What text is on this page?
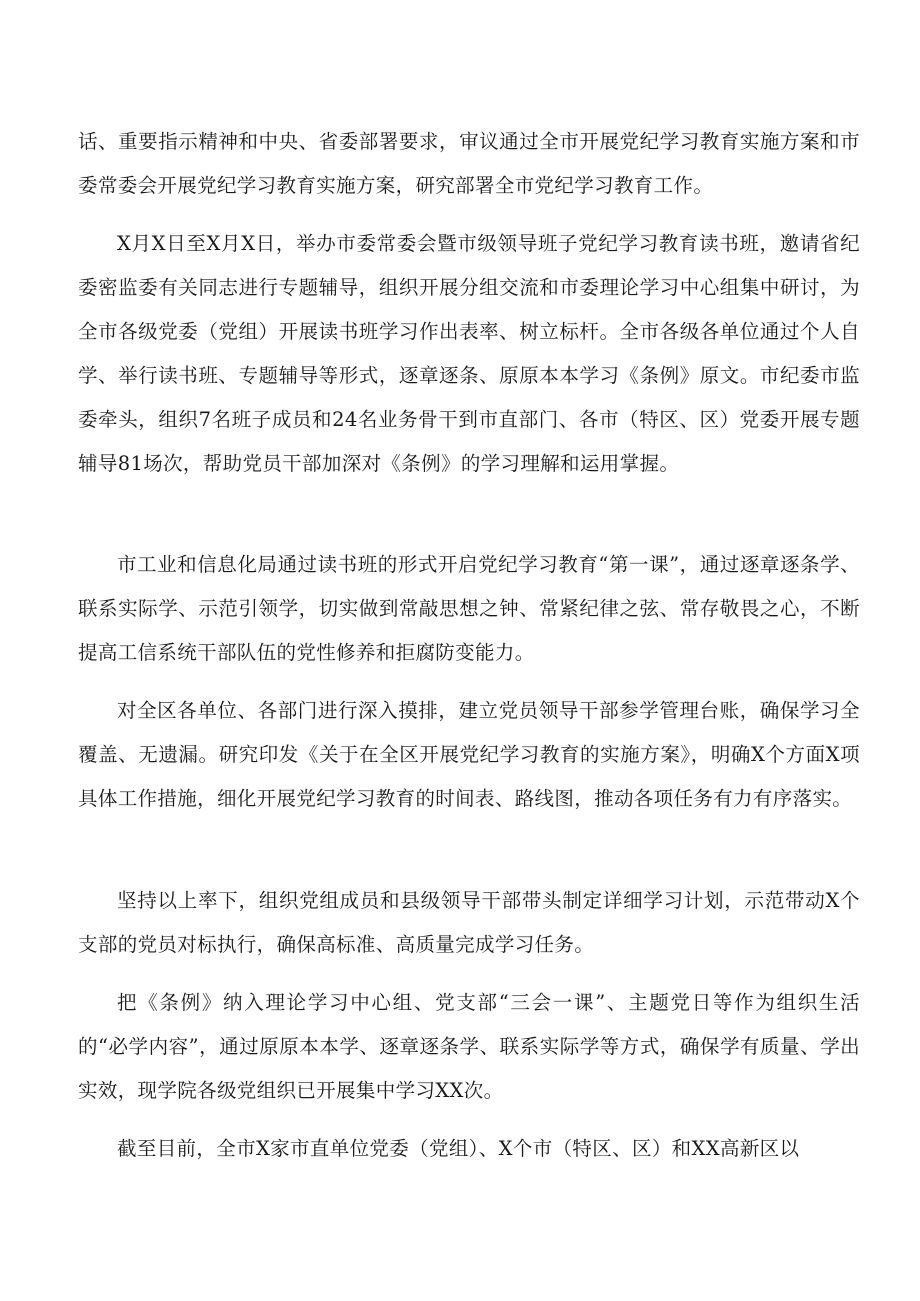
话、重要指示精神和中央、省委部署要求，审议通过全市开展党纪学习教育实施方案和市委常委会开展党纪学习教育实施方案，研究部署全市党纪学习教育工作。

X月X日至X月X日，举办市委常委会暨市级领导班子党纪学习教育读书班，邀请省纪委密监委有关同志进行专题辅导，组织开展分组交流和市委理论学习中心组集中研讨，为全市各级党委（党组）开展读书班学习作出表率、树立标杆。全市各级各单位通过个人自学、举行读书班、专题辅导等形式，逐章逐条、原原本本学习《条例》原文。市纪委市监委牵头，组织7名班子成员和24名业务骨干到市直部门、各市（特区、区）党委开展专题辅导81场次，帮助党员干部加深对《条例》的学习理解和运用掌握。

市工业和信息化局通过读书班的形式开启党纪学习教育“第一课”，通过逐章逐条学、联系实际学、示范引领学，切实做到常敲思想之钟、常紧纪律之弦、常存敬畏之心，不断提高工信系统干部队伍的党性修养和拒腐防变能力。

对全区各单位、各部门进行深入摸排，建立党员领导干部参学管理台账，确保学习全覆盖、无遗漏。研究印发《关于在全区开展党纪学习教育的实施方案》，明确X个方面X项具体工作措施，细化开展党纪学习教育的时间表、路线图，推动各项任务有力有序落实。

坚持以上率下，组织党组成员和县级领导干部带头制定详细学习计划，示范带动X个支部的党员对标执行，确保高标准、高质量完成学习任务。

把《条例》纳入理论学习中心组、党支部“三会一课”、主题党日等作为组织生活的“必学内容”，通过原原本本学、逐章逐条学、联系实际学等方式，确保学有质量、学出实效，现学院各级党组织已开展集中学习XX次。

截至目前，全市X家市直单位党委（党组）、X个市（特区、区）和XX高新区以
